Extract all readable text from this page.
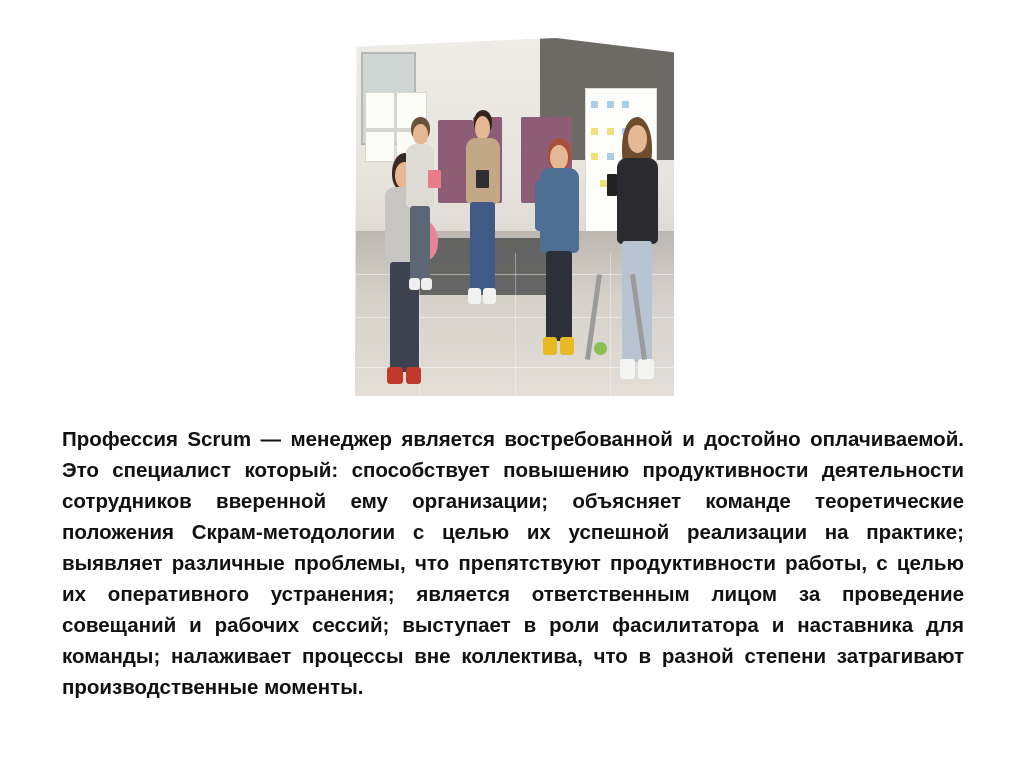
Профессия Scrum — менеджер является востребованной и достойно оплачиваемой. Это специалист который: способствует повышению продуктивности деятельности сотрудников вверенной ему организации; объясняет команде теоретические положения Скрам-методологии с целью их успешной реализации на практике; выявляет различные проблемы, что препятствуют продуктивности работы, с целью их оперативного устранения; является ответственным лицом за проведение совещаний и рабочих сессий; выступает в роли фасилитатора и наставника для команды; налаживает процессы вне коллектива, что в разной степени затрагивают производственные моменты.
